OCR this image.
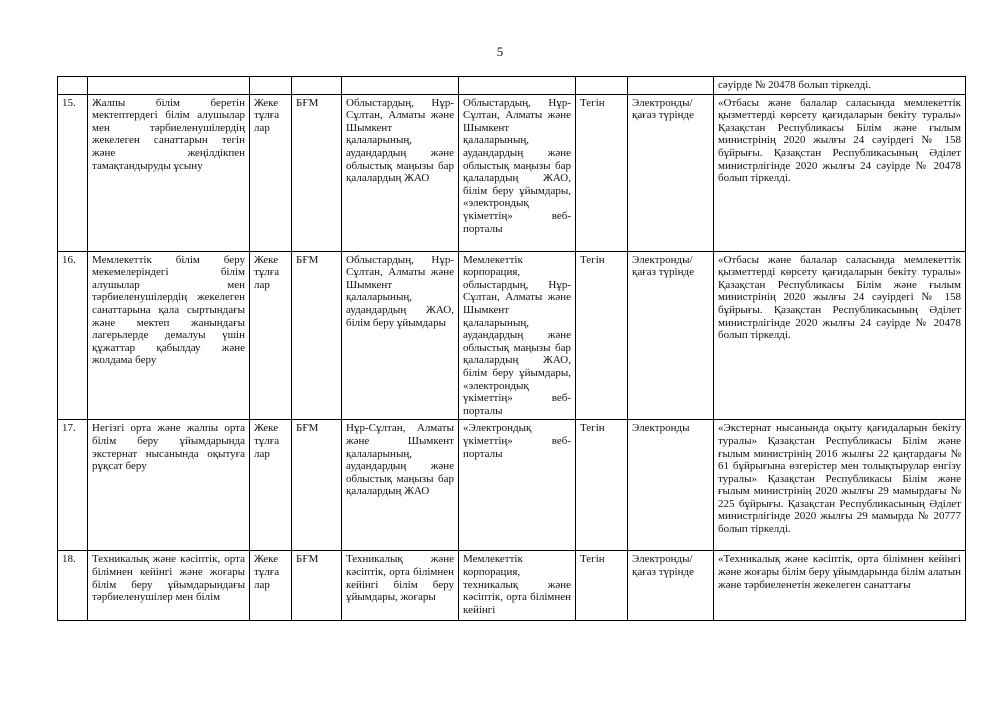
5
								сәуірде № 20478 болып тіркелді.
15.	Жалпы білім беретін мектептердегі білім алушылар мен тәрбиеленушілердің жекелеген санаттарын тегін және жеңілдікпен тамақтандыруды ұсыну	Жеке тұлға лар	БҒМ	Облыстардың, Нұр-Сұлтан, Алматы және Шымкент қалаларының, аудандардың және облыстық маңызы бар қалалардың ЖАО	Облыстардың, Нұр-Сұлтан, Алматы және Шымкент қалаларының, аудандардың және облыстық маңызы бар қалалардың ЖАО, білім беру ұйымдары, «электрондық үкіметтің» веб-порталы	Тегін	Электронды/ қағаз түрінде	«Отбасы және балалар саласында мемлекеттік қызметтерді көрсету қағидаларын бекіту туралы» Қазақстан Республикасы Білім және ғылым министрінің 2020 жылғы 24 сәуірдегі № 158 бұйрығы. Қазақстан Республикасының Әділет министрлігінде 2020 жылғы 24 сәуірде № 20478 болып тіркелді.
16.	Мемлекеттік білім беру мекемелеріндегі білім алушылар мен тәрбиеленушілердің жекелеген санаттарына қала сыртындағы және мектеп жанындағы лагерьлерде демалуы үшін құжаттар қабылдау және жолдама беру	Жеке тұлға лар	БҒМ	Облыстардың, Нұр-Сұлтан, Алматы және Шымкент қалаларының, аудандардың ЖАО, білім беру ұйымдары	Мемлекеттік корпорация, облыстардың, Нұр-Сұлтан, Алматы және Шымкент қалаларының, аудандардың және облыстық маңызы бар қалалардың ЖАО, білім беру ұйымдары, «электрондық үкіметтің» веб-порталы	Тегін	Электронды/ қағаз түрінде	«Отбасы және балалар саласында мемлекеттік қызметтерді көрсету қағидаларын бекіту туралы» Қазақстан Республикасы Білім және ғылым министрінің 2020 жылғы 24 сәуірдегі № 158 бұйрығы. Қазақстан Республикасының Әділет министрлігінде 2020 жылғы 24 сәуірде № 20478 болып тіркелді.
17.	Негізгі орта және жалпы орта білім беру ұйымдарында экстернат нысанында оқытуға рұқсат беру	Жеке тұлға лар	БҒМ	Нұр-Сұлтан, Алматы және Шымкент қалаларының, аудандардың және облыстық маңызы бар қалалардың ЖАО	«Электрондық үкіметтің» веб-порталы	Тегін	Электронды	«Экстернат нысанында оқыту қағидаларын бекіту туралы» Қазақстан Республикасы Білім және ғылым министрінің 2016 жылғы 22 қаңтардағы № 61 бұйрығына өзгерістер мен толықтырулар енгізу туралы» Қазақстан Республикасы Білім және ғылым министрінің 2020 жылғы 29 мамырдағы № 225 бұйрығы. Қазақстан Республикасының Әділет министрлігінде 2020 жылғы 29 мамырда № 20777 болып тіркелді.
18.	Техникалық және кәсіптік, орта білімнен кейінгі және жоғары білім беру ұйымдарындағы тәрбиеленушілер мен білім	Жеке тұлға лар	БҒМ	Техникалық және кәсіптік, орта білімнен кейінгі білім беру ұйымдары, жоғары	Мемлекеттік корпорация, техникалық және кәсіптік, орта білімнен кейінгі	Тегін	Электронды/ қағаз түрінде	«Техникалық және кәсіптік, орта білімнен кейінгі және жоғары білім беру ұйымдарында білім алатын және тәрбиеленетін жекелеген санаттағы
